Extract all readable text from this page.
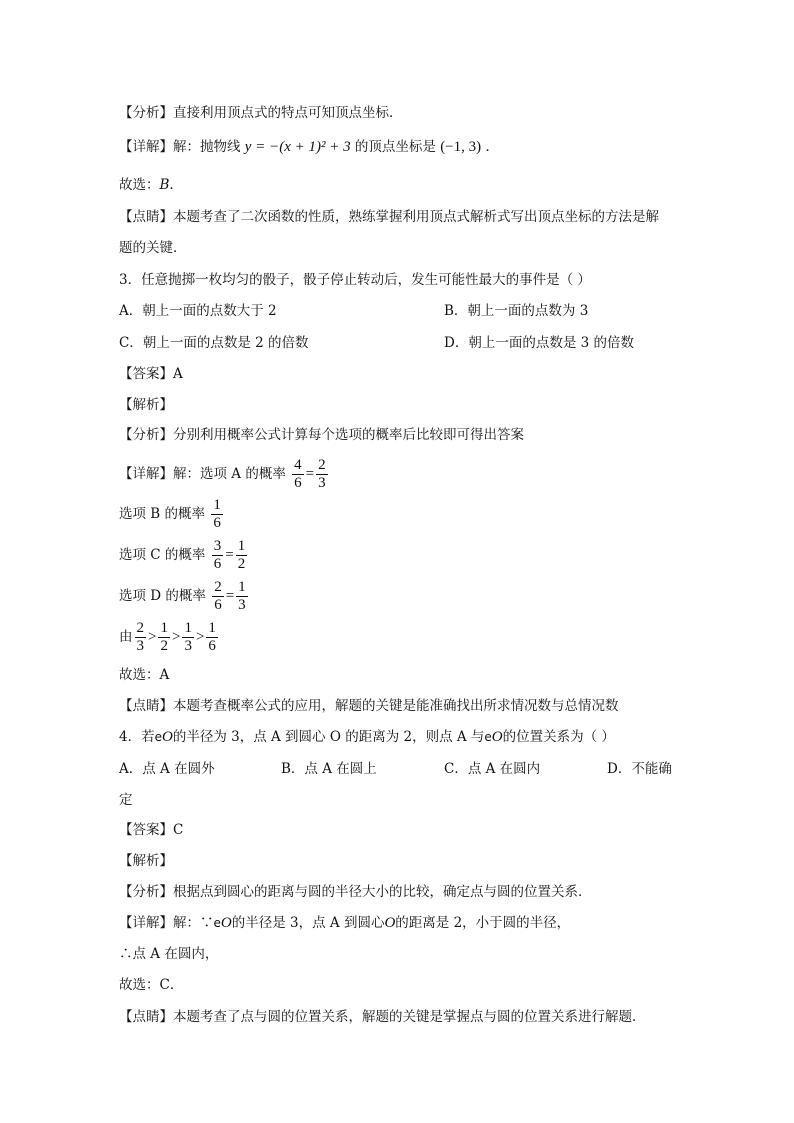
【分析】直接利用顶点式的特点可知顶点坐标．
【详解】解：抛物线 y = −(x + 1)² + 3 的顶点坐标是 (−1, 3) ．
故选：B．
【点睛】本题考查了二次函数的性质，熟练掌握利用顶点式解析式写出顶点坐标的方法是解
题的关键．
3．任意抛掷一枚均匀的骰子，骰子停止转动后，发生可能性最大的事件是（ ）
A．朝上一面的点数大于 2	B．朝上一面的点数为 3
C．朝上一面的点数是 2 的倍数	D．朝上一面的点数是 3 的倍数
【答案】A
【解析】
【分析】分别利用概率公式计算每个选项的概率后比较即可得出答案
【详解】解：选项 A 的概率 $\frac{4}{6} = \frac{2}{3}$
选项 B 的概率 $\frac{1}{6}$
选项 C 的概率 $\frac{3}{6} = \frac{1}{2}$
选项 D 的概率 $\frac{2}{6} = \frac{1}{3}$
由 $\frac{2}{3} > \frac{1}{2} > \frac{1}{3} > \frac{1}{6}$
故选：A
【点睛】本题考查概率公式的应用，解题的关键是能准确找出所求情况数与总情况数
4．若eO的半径为 3，点 A 到圆心 O 的距离为 2，则点 A 与eO的位置关系为（ ）
A．点 A 在圆外	B．点 A 在圆上	C．点 A 在圆内	D．不能确
定
【答案】C
【解析】
【分析】根据点到圆心的距离与圆的半径大小的比较，确定点与圆的位置关系．
【详解】解：∵eO的半径是 3，点 A 到圆心O的距离是 2，小于圆的半径，
∴点 A 在圆内，
故选：C．
【点睛】本题考查了点与圆的位置关系，解题的关键是掌握点与圆的位置关系进行解题．
